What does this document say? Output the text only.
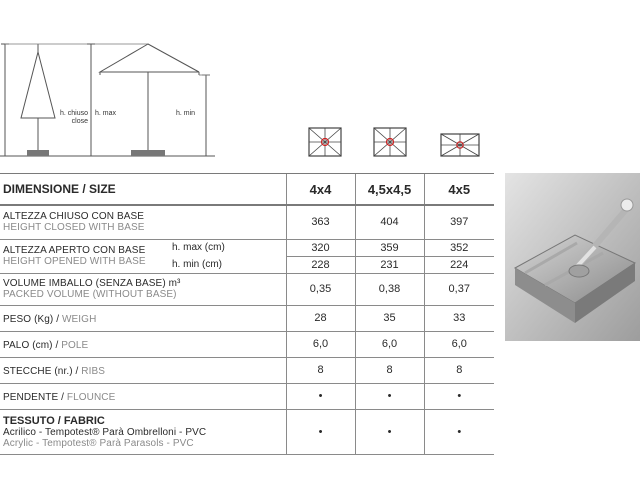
h. chiuso
close
h. max	h. min
DIMENSIONE / SIZE		4x4	4,5x4,5	4x5

ALTEZZA CHIUSO CON BASE
HEIGHT CLOSED WITH BASE		363	404	397

ALTEZZA APERTO CON BASE
HEIGHT OPENED WITH BASE	h. max (cm)	320	359	352
	h. min (cm)	228	231	224

VOLUME IMBALLO (SENZA BASE) m³
PACKED VOLUME (WITHOUT BASE)		0,35	0,38	0,37
PESO (Kg) / WEIGH		28	35	33
PALO (cm) / POLE		6,0	6,0	6,0
STECCHE (nr.) / RIBS		8	8	8
PENDENTE / FLOUNCE		•	•	•

TESSUTO / FABRIC
Acrilico - Tempotest® Parà Ombrelloni - PVC
Acrylic - Tempotest® Parà Parasols - PVC		•	•	•
